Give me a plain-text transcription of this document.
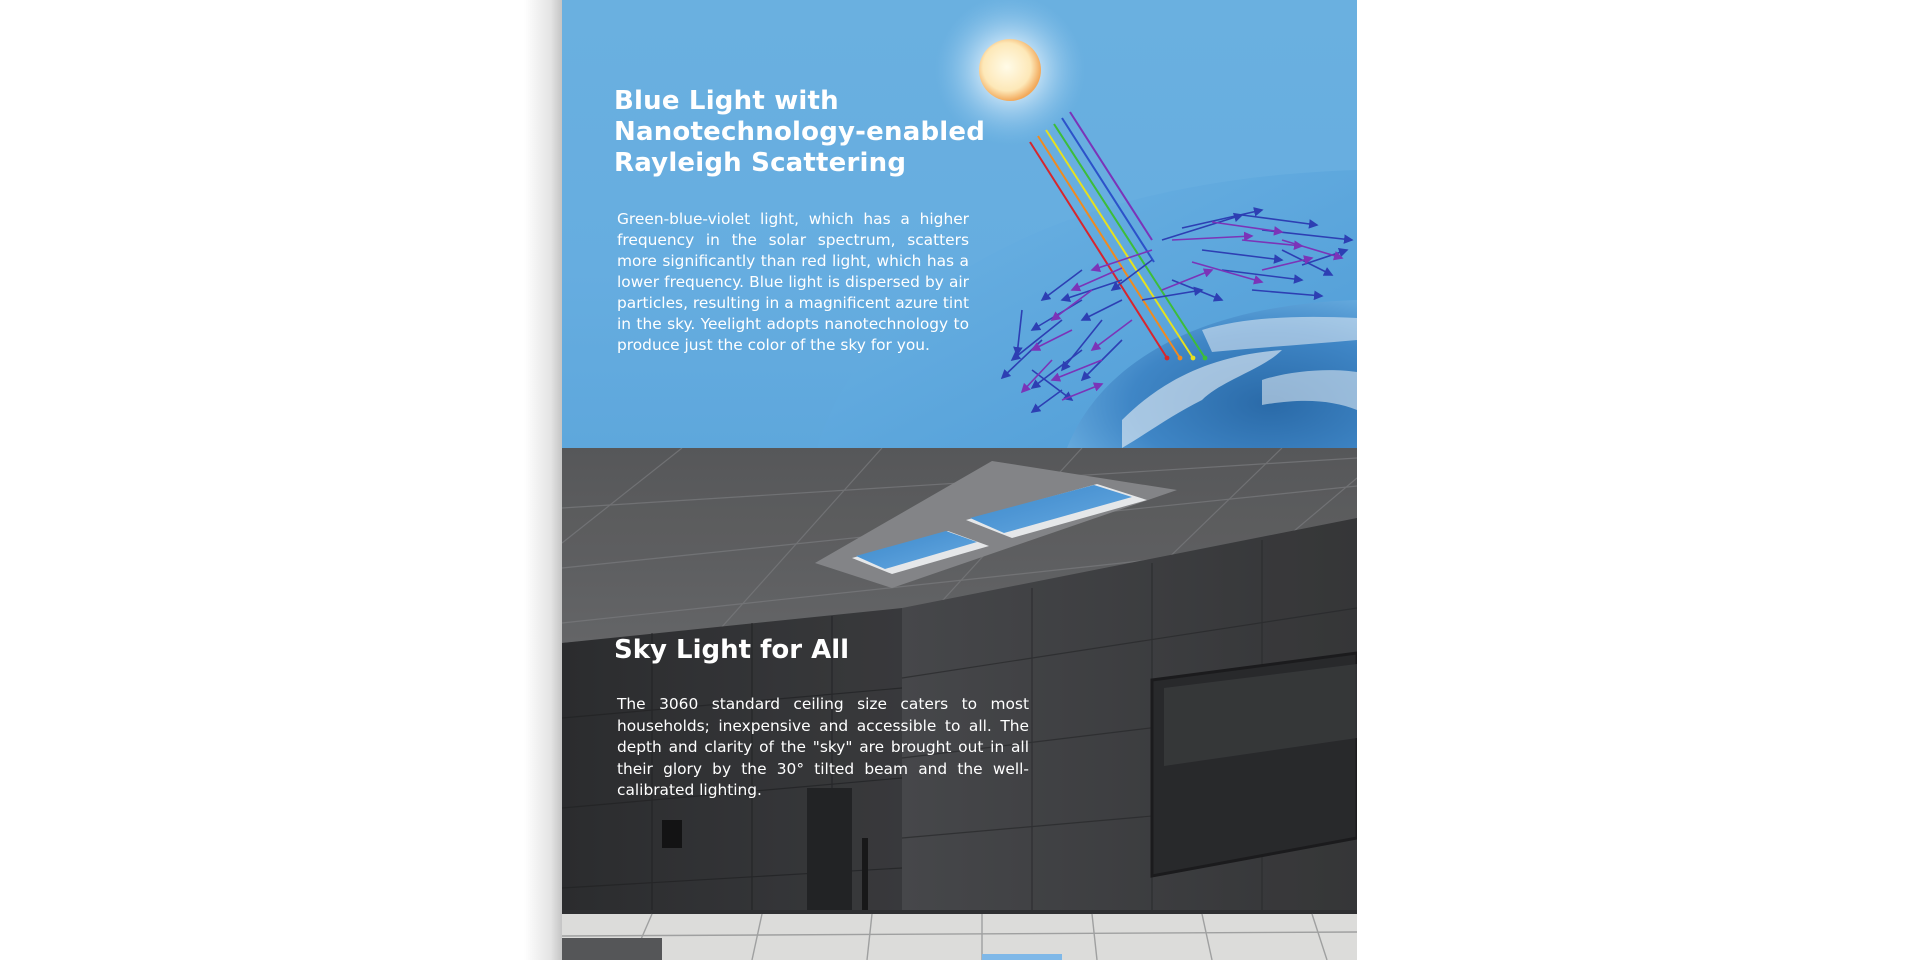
Blue Light with Nanotechnology-enabled Rayleigh Scattering

Green-blue-violet light, which has a higher frequency in the solar spectrum, scatters more significantly than red light, which has a lower frequency. Blue light is dispersed by air particles, resulting in a magnificent azure tint in the sky. Yeelight adopts nanotechnology to produce just the color of the sky for you.

Sky Light for All

The 3060 standard ceiling size caters to most households; inexpensive and accessible to all. The depth and clarity of the "sky" are brought out in all their glory by the 30° tilted beam and the well-calibrated lighting.
